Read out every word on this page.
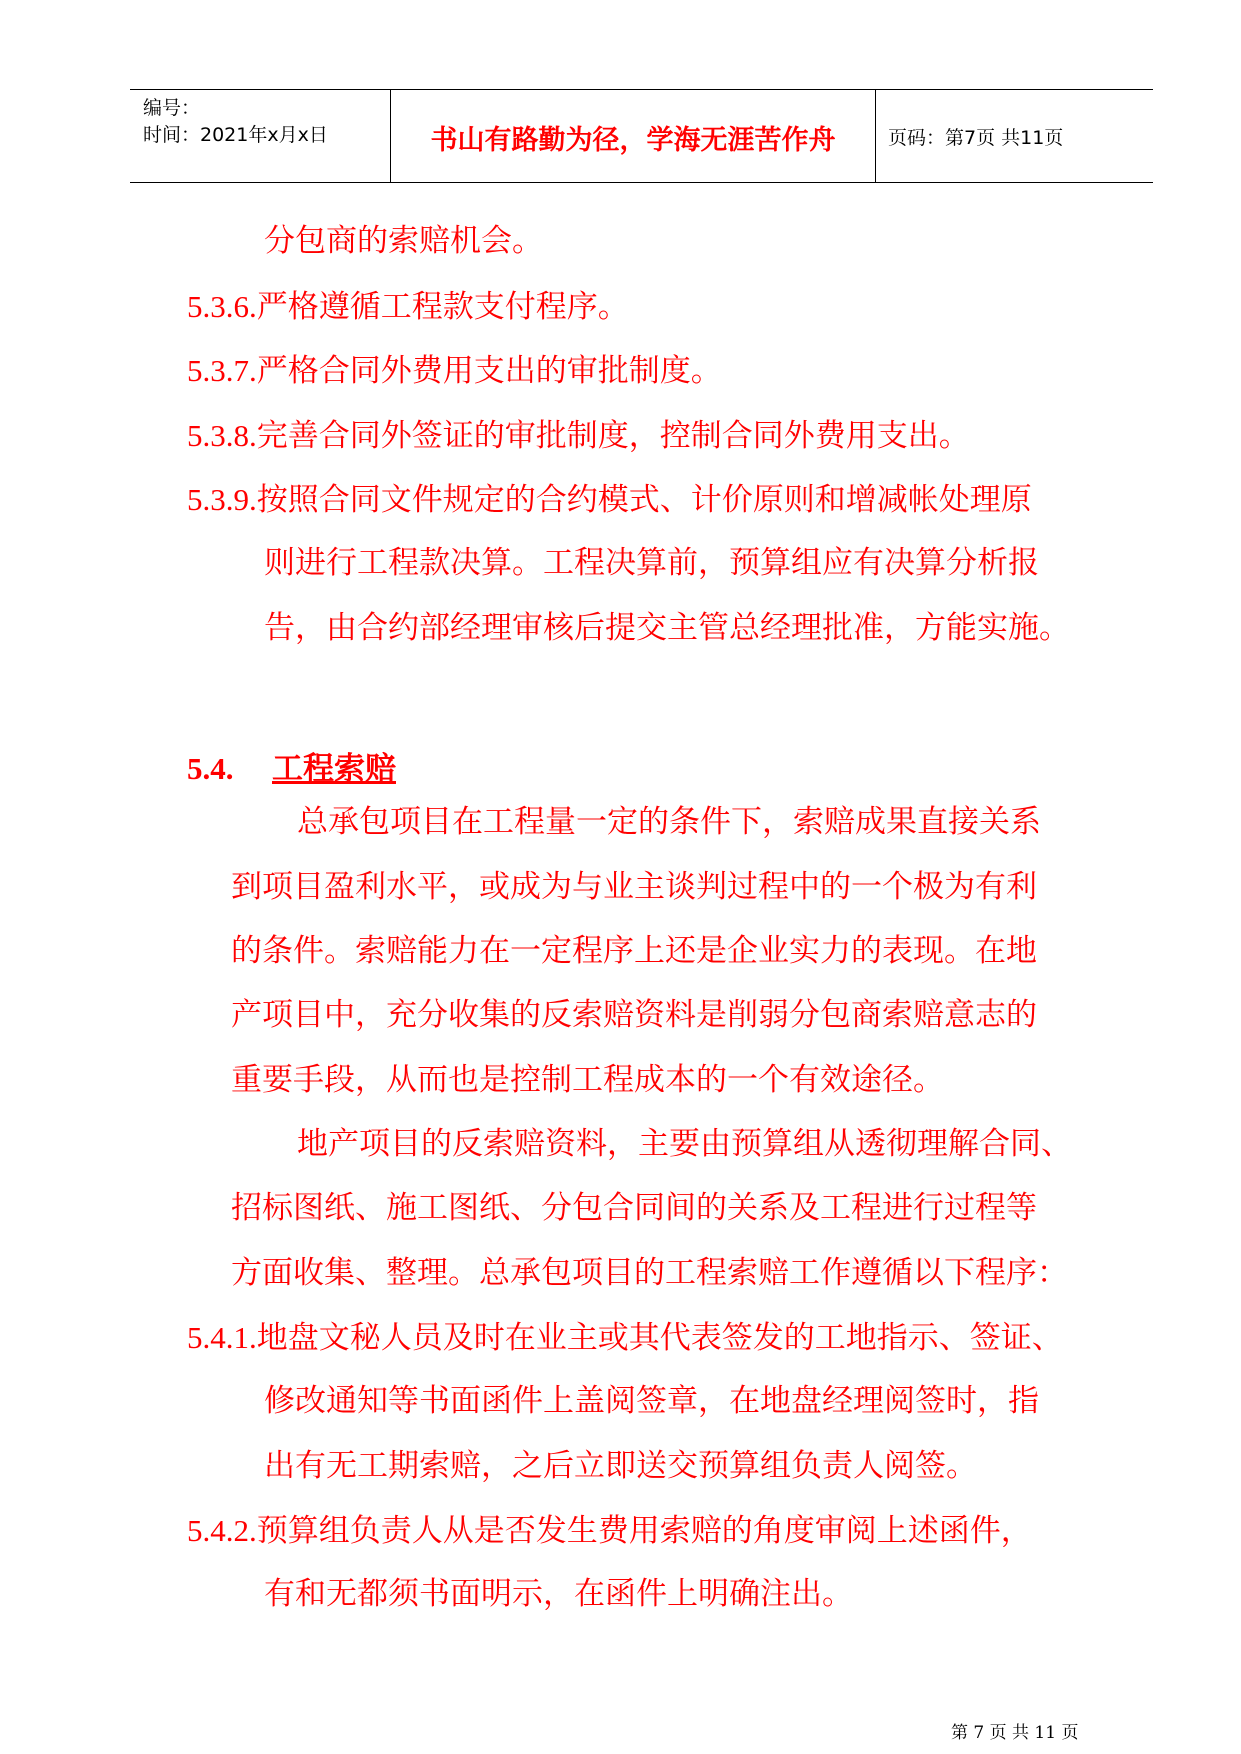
编号：
时间：2021年x月x日	书山有路勤为径，学海无涯苦作舟	页码：第7页 共11页
分包商的索赔机会。
5.3.6.严格遵循工程款支付程序。
5.3.7.严格合同外费用支出的审批制度。
5.3.8.完善合同外签证的审批制度，控制合同外费用支出。
5.3.9.按照合同文件规定的合约模式、计价原则和增减帐处理原
则进行工程款决算。工程决算前，预算组应有决算分析报
告，由合约部经理审核后提交主管总经理批准，方能实施。
5.4. 工程索赔
总承包项目在工程量一定的条件下，索赔成果直接关系
到项目盈利水平，或成为与业主谈判过程中的一个极为有利
的条件。索赔能力在一定程序上还是企业实力的表现。在地
产项目中，充分收集的反索赔资料是削弱分包商索赔意志的
重要手段，从而也是控制工程成本的一个有效途径。
地产项目的反索赔资料，主要由预算组从透彻理解合同、
招标图纸、施工图纸、分包合同间的关系及工程进行过程等
方面收集、整理。总承包项目的工程索赔工作遵循以下程序：
5.4.1.地盘文秘人员及时在业主或其代表签发的工地指示、签证、
修改通知等书面函件上盖阅签章，在地盘经理阅签时，指
出有无工期索赔，之后立即送交预算组负责人阅签。
5.4.2.预算组负责人从是否发生费用索赔的角度审阅上述函件，
有和无都须书面明示，在函件上明确注出。
第 7 页 共 11 页
